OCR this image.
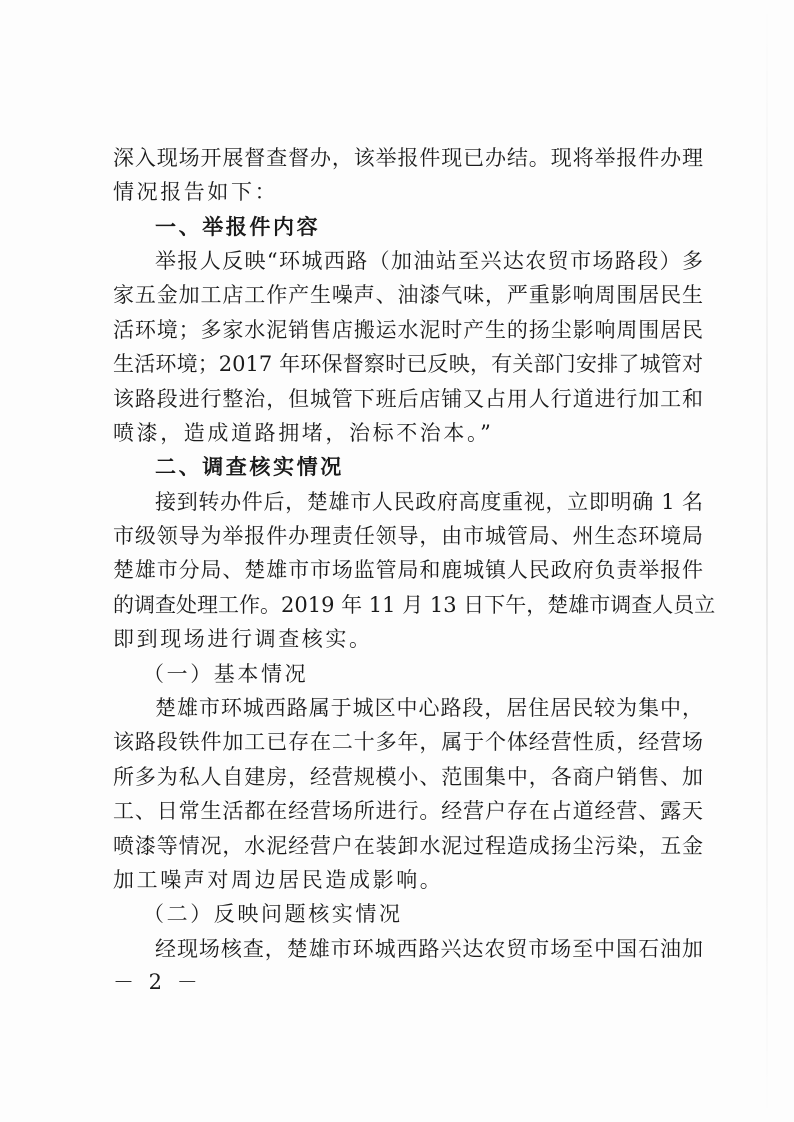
深入现场开展督查督办，该举报件现已办结。现将举报件办理
情况报告如下：
一、举报件内容
举报人反映“环城西路（加油站至兴达农贸市场路段）多
家五金加工店工作产生噪声、油漆气味，严重影响周围居民生
活环境；多家水泥销售店搬运水泥时产生的扬尘影响周围居民
生活环境；2017 年环保督察时已反映，有关部门安排了城管对
该路段进行整治，但城管下班后店铺又占用人行道进行加工和
喷漆，造成道路拥堵，治标不治本。”
二、调查核实情况
接到转办件后，楚雄市人民政府高度重视，立即明确 1 名
市级领导为举报件办理责任领导，由市城管局、州生态环境局
楚雄市分局、楚雄市市场监管局和鹿城镇人民政府负责举报件
的调查处理工作。2019 年 11 月 13 日下午，楚雄市调查人员立
即到现场进行调查核实。
（一）基本情况
楚雄市环城西路属于城区中心路段，居住居民较为集中，
该路段铁件加工已存在二十多年，属于个体经营性质，经营场
所多为私人自建房，经营规模小、范围集中，各商户销售、加
工、日常生活都在经营场所进行。经营户存在占道经营、露天
喷漆等情况，水泥经营户在装卸水泥过程造成扬尘污染，五金
加工噪声对周边居民造成影响。
（二）反映问题核实情况
经现场核查，楚雄市环城西路兴达农贸市场至中国石油加
－ 2 －
